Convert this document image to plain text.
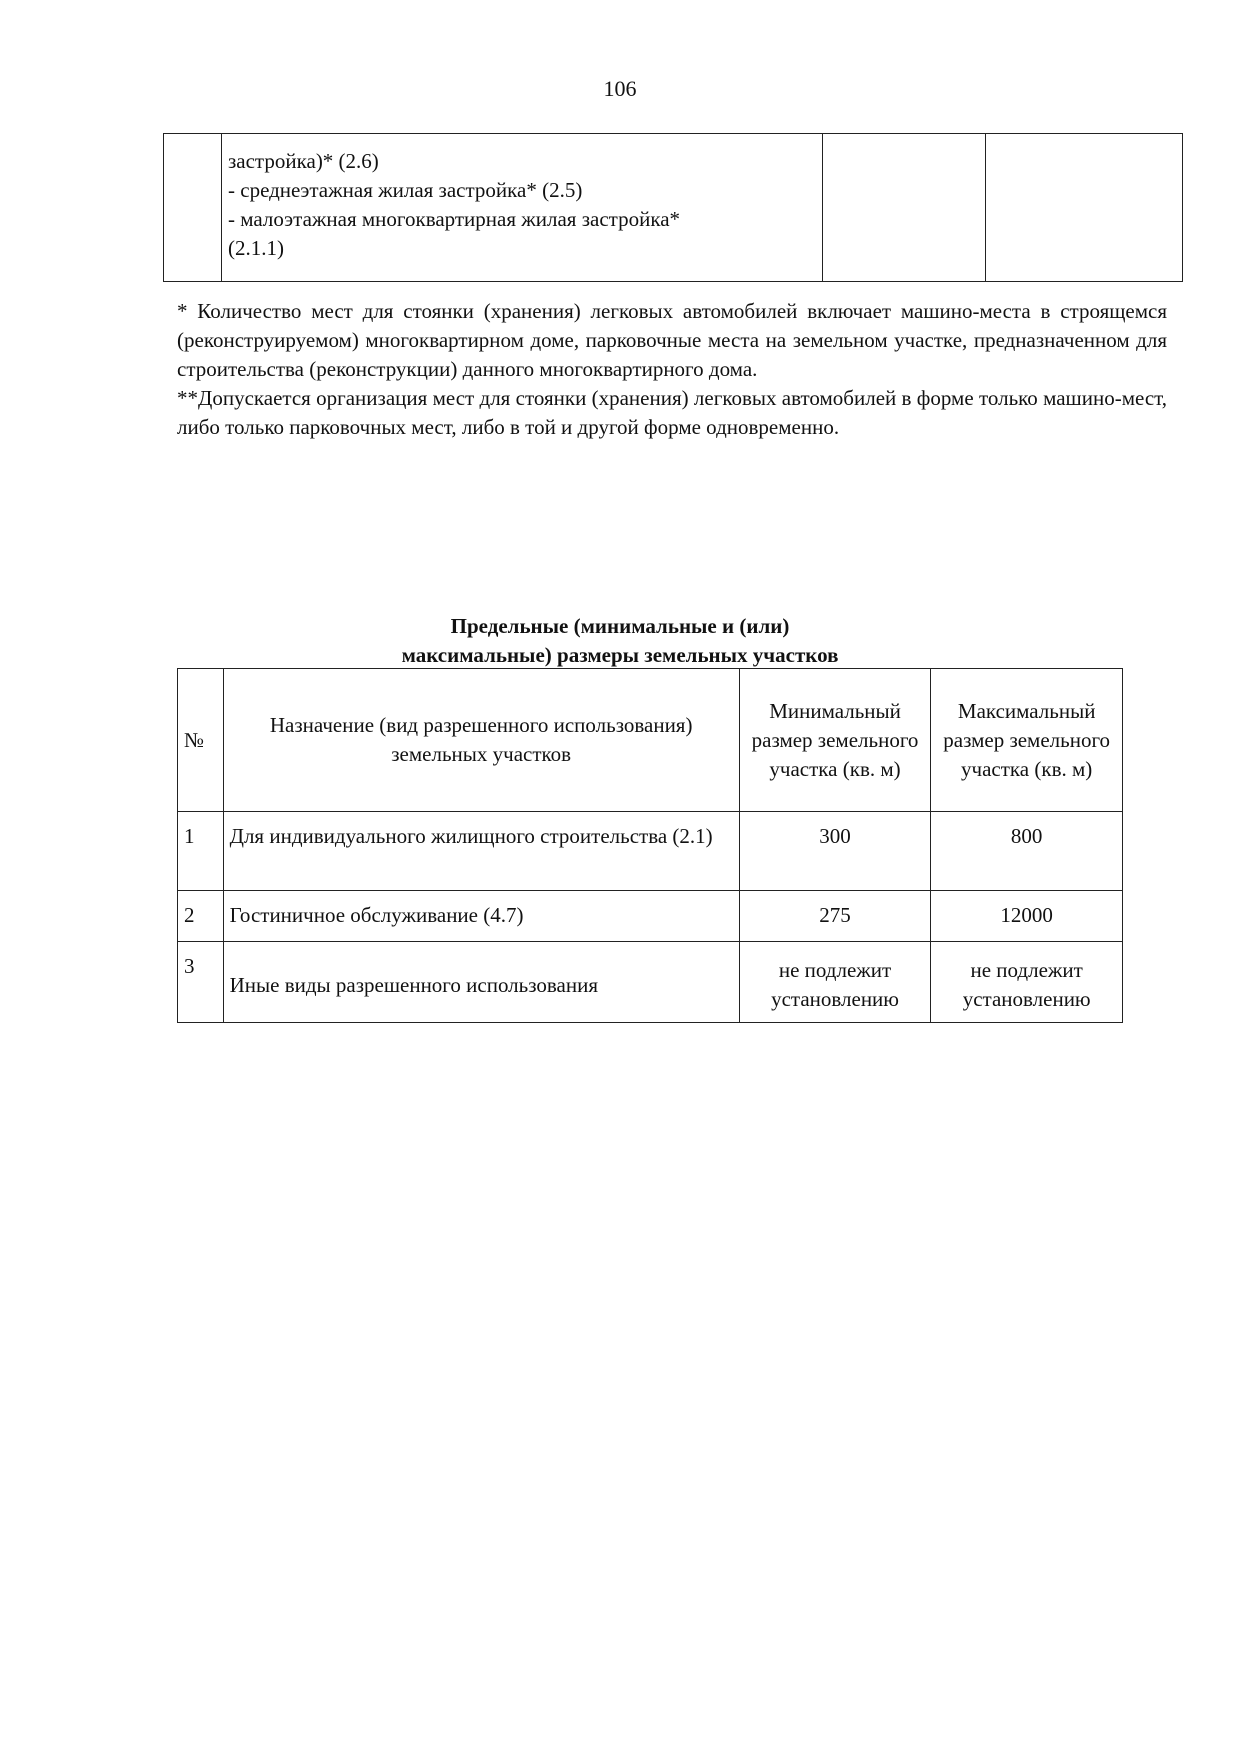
106

застройка)* (2.6)
- среднеэтажная жилая застройка* (2.5)
- малоэтажная многоквартирная жилая застройка*
(2.1.1)

* Количество мест для стоянки (хранения) легковых автомобилей включает машино-места в строящемся (реконструируемом) многоквартирном доме, парковочные места на земельном участке, предназначенном для строительства (реконструкции) данного многоквартирного дома.

**Допускается организация мест для стоянки (хранения) легковых автомобилей в форме только машино-мест, либо только парковочных мест, либо в той и другой форме одновременно.

Предельные (минимальные и (или)
максимальные) размеры земельных участков
№	Назначение (вид разрешенного использования) земельных участков	Минимальный размер земельного участка (кв. м)	Максимальный размер земельного участка (кв. м)
1	Для индивидуального жилищного строительства (2.1)	300	800
2	Гостиничное обслуживание (4.7)	275	12000
3	Иные виды разрешенного использования	не подлежит установлению	не подлежит установлению
